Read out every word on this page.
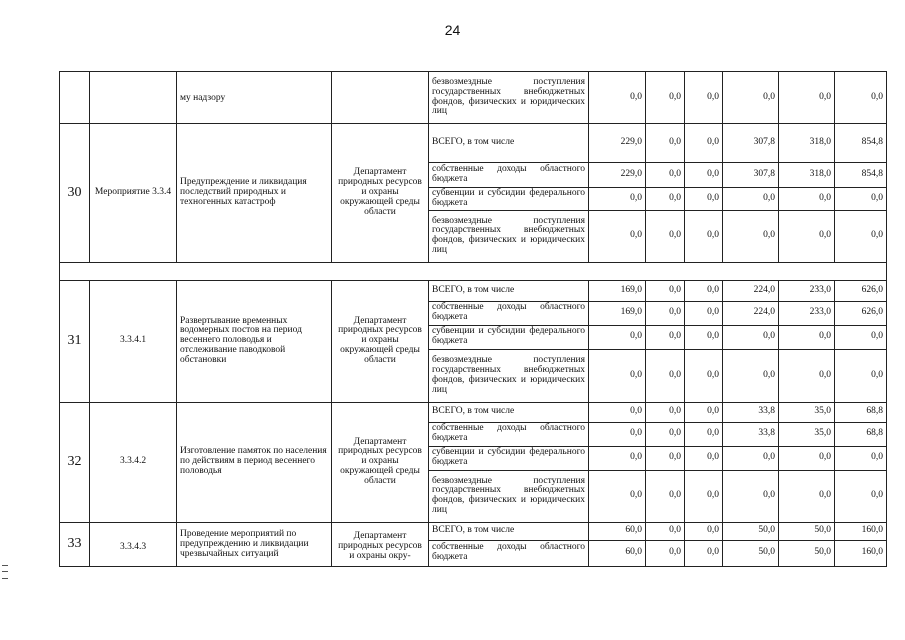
24
		му надзору		безвозмездные поступления государственных внебюджетных фондов, физических и юридических лиц	0,0	0,0	0,0	0,0	0,0	0,0
30	Мероприятие 3.3.4	Предупреждение и ликвидация последствий природных и техногенных катастроф	Департамент природных ресурсов и охраны окружающей среды области	ВСЕГО, в том числе	229,0	0,0	0,0	307,8	318,0	854,8
				собственные доходы областного бюджета	229,0	0,0	0,0	307,8	318,0	854,8
				субвенции и субсидии федерального бюджета	0,0	0,0	0,0	0,0	0,0	0,0
				безвозмездные поступления государственных внебюджетных фондов, физических и юридических лиц	0,0	0,0	0,0	0,0	0,0	0,0

31	3.3.4.1	Развертывание временных водомерных постов на период весеннего половодья и отслеживание паводковой обстановки	Департамент природных ресурсов и охраны окружающей среды области	ВСЕГО, в том числе	169,0	0,0	0,0	224,0	233,0	626,0
				собственные доходы областного бюджета	169,0	0,0	0,0	224,0	233,0	626,0
				субвенции и субсидии федерального бюджета	0,0	0,0	0,0	0,0	0,0	0,0
				безвозмездные поступления государственных внебюджетных фондов, физических и юридических лиц	0,0	0,0	0,0	0,0	0,0	0,0
32	3.3.4.2	Изготовление памяток по населения по действиям в период весеннего половодья	Департамент природных ресурсов и охраны окружающей среды области	ВСЕГО, в том числе	0,0	0,0	0,0	33,8	35,0	68,8
				собственные доходы областного бюджета	0,0	0,0	0,0	33,8	35,0	68,8
				субвенции и субсидии федерального бюджета	0,0	0,0	0,0	0,0	0,0	0,0
				безвозмездные поступления государственных внебюджетных фондов, физических и юридических лиц	0,0	0,0	0,0	0,0	0,0	0,0
33	3.3.4.3	Проведение мероприятий по предупреждению и ликвидации чрезвычайных ситуаций	Департамент природных ресурсов и охраны окру-	ВСЕГО, в том числе	60,0	0,0	0,0	50,0	50,0	160,0
				собственные доходы областного бюджета	60,0	0,0	0,0	50,0	50,0	160,0
